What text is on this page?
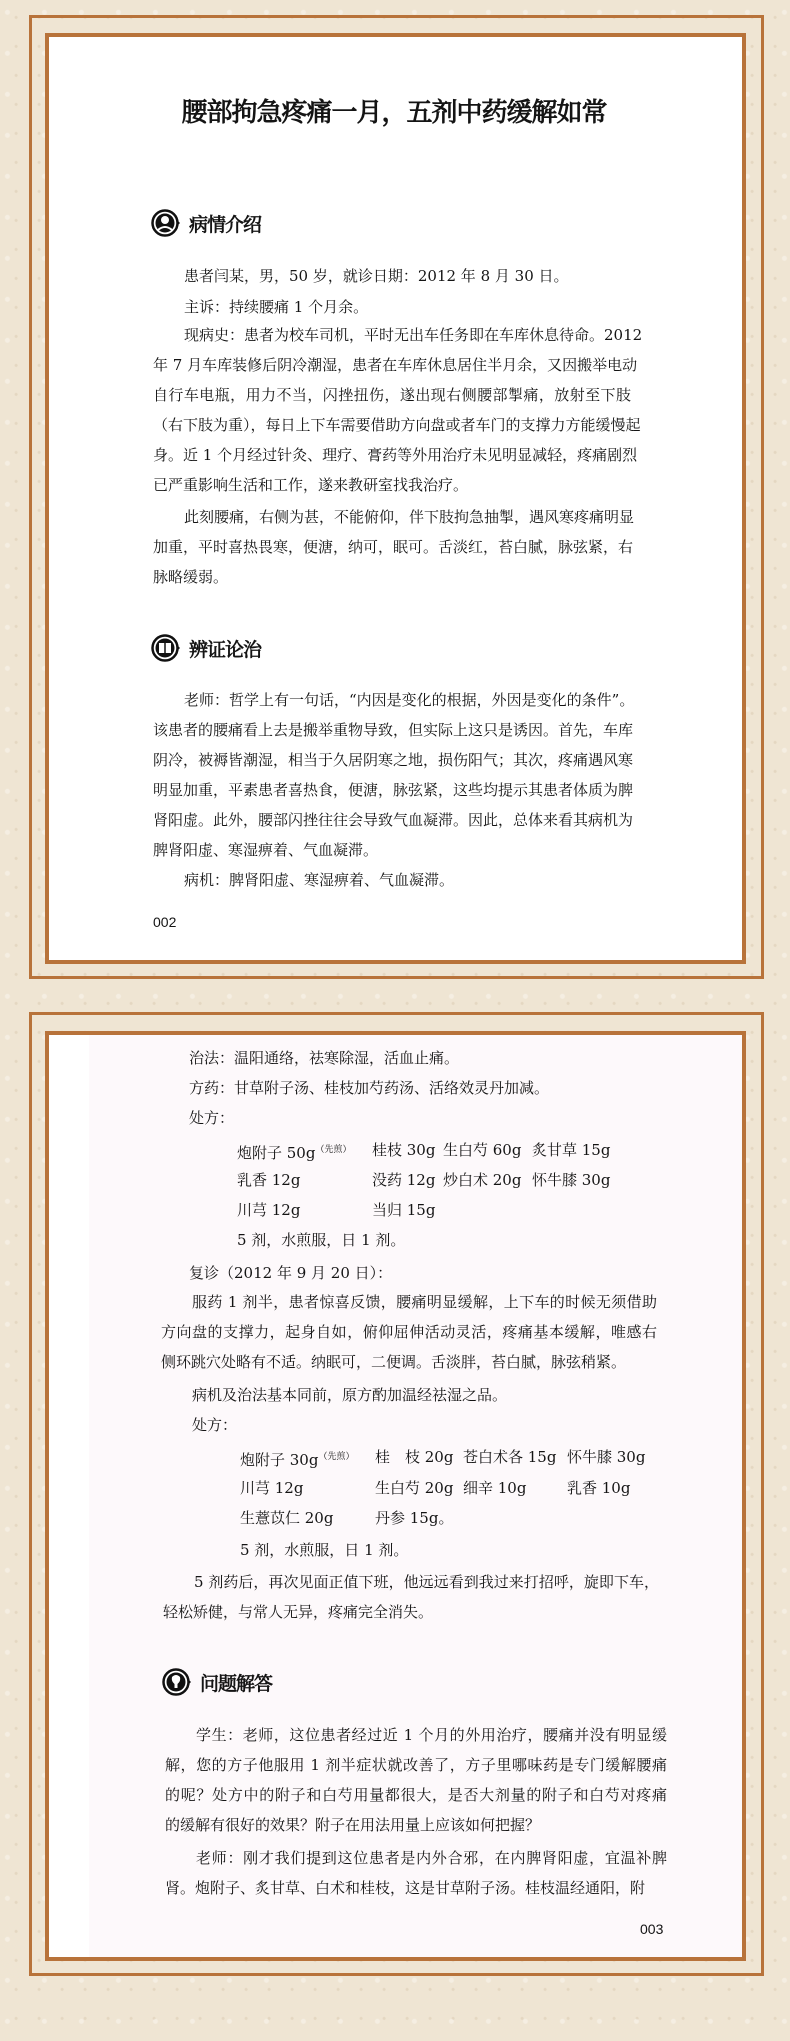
腰部拘急疼痛一月，五剂中药缓解如常
病情介绍
患者闫某，男，50 岁，就诊日期：2012 年 8 月 30 日。
主诉：持续腰痛 1 个月余。
现病史：患者为校车司机，平时无出车任务即在车库休息待命。2012
年 7 月车库装修后阴冷潮湿，患者在车库休息居住半月余，又因搬举电动
自行车电瓶，用力不当，闪挫扭伤，遂出现右侧腰部掣痛，放射至下肢
（右下肢为重），每日上下车需要借助方向盘或者车门的支撑力方能缓慢起
身。近 1 个月经过针灸、理疗、膏药等外用治疗未见明显减轻，疼痛剧烈
已严重影响生活和工作，遂来教研室找我治疗。
此刻腰痛，右侧为甚，不能俯仰，伴下肢拘急抽掣，遇风寒疼痛明显
加重，平时喜热畏寒，便溏，纳可，眠可。舌淡红，苔白腻，脉弦紧，右
脉略缓弱。
辨证论治
老师：哲学上有一句话，“内因是变化的根据，外因是变化的条件”。
该患者的腰痛看上去是搬举重物导致，但实际上这只是诱因。首先，车库
阴冷，被褥皆潮湿，相当于久居阴寒之地，损伤阳气；其次，疼痛遇风寒
明显加重，平素患者喜热食，便溏，脉弦紧，这些均提示其患者体质为脾
肾阳虚。此外，腰部闪挫往往会导致气血凝滞。因此，总体来看其病机为
脾肾阳虚、寒湿痹着、气血凝滞。
病机：脾肾阳虚、寒湿痹着、气血凝滞。
002
治法：温阳通络，祛寒除湿，活血止痛。
方药：甘草附子汤、桂枝加芍药汤、活络效灵丹加减。
处方：
炮附子 $50g^{(先煎)}$ 桂枝 30g 生白芍 60g 炙甘草 15g
乳香 12g	没药 12g 炒白术 20g 怀牛膝 30g
川芎 12g	当归 15g
5 剂，水煎服，日 1 剂。
复诊（2012 年 9 月 20 日）：
服药 1 剂半，患者惊喜反馈，腰痛明显缓解，上下车的时候无须借助
方向盘的支撑力，起身自如，俯仰屈伸活动灵活，疼痛基本缓解，唯感右
侧环跳穴处略有不适。纳眠可，二便调。舌淡胖，苔白腻，脉弦稍紧。
病机及治法基本同前，原方酌加温经祛湿之品。
处方：
炮附子 $30g^{(先煎)}$ 桂　枝 20g 苍白术各 15g 怀牛膝 30g
川芎 12g	生白芍 20g 细辛 10g	乳香 10g
生薏苡仁 20g	丹参 15g。
5 剂，水煎服，日 1 剂。
5 剂药后，再次见面正值下班，他远远看到我过来打招呼，旋即下车，
轻松矫健，与常人无异，疼痛完全消失。
问题解答
学生：老师，这位患者经过近 1 个月的外用治疗，腰痛并没有明显缓
解，您的方子他服用 1 剂半症状就改善了，方子里哪味药是专门缓解腰痛
的呢？处方中的附子和白芍用量都很大，是否大剂量的附子和白芍对疼痛
的缓解有很好的效果？附子在用法用量上应该如何把握？
老师：刚才我们提到这位患者是内外合邪，在内脾肾阳虚，宜温补脾
肾。炮附子、炙甘草、白术和桂枝，这是甘草附子汤。桂枝温经通阳，附
003
